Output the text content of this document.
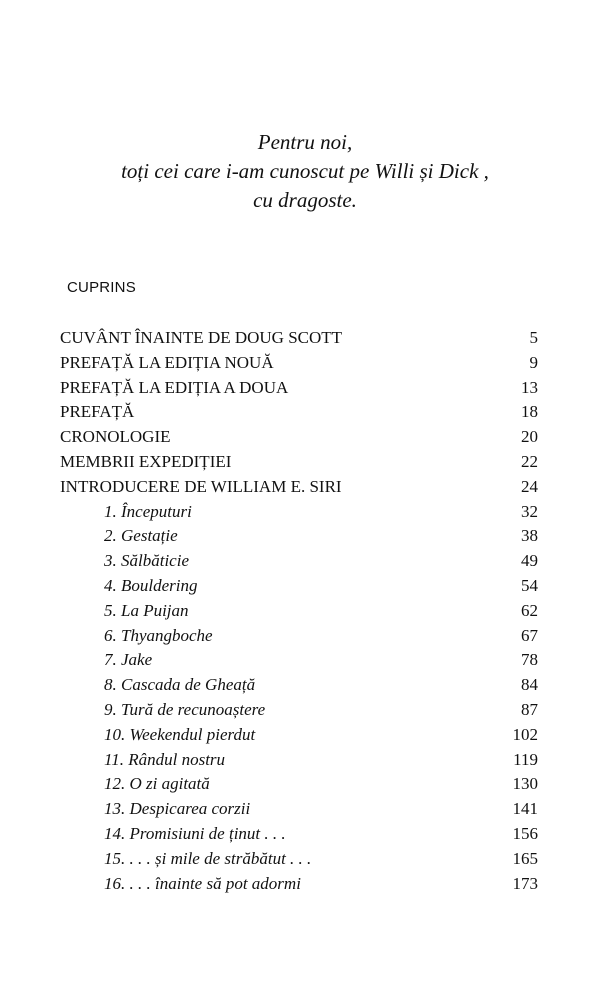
Pentru noi,
toți cei care i-am cunoscut pe Willi și Dick ,
cu dragoste.
CUPRINS
CUVÂNT ÎNAINTE DE DOUG SCOTT	5
PREFAȚĂ LA EDIȚIA NOUĂ	9
PREFAȚĂ LA EDIȚIA A DOUA	13
PREFAȚĂ	18
CRONOLOGIE	20
MEMBRII EXPEDIȚIEI	22
INTRODUCERE DE WILLIAM E. SIRI	24
1. Începuturi	32
2. Gestație	38
3. Sălbăticie	49
4. Bouldering	54
5. La Puijan	62
6. Thyangboche	67
7. Jake	78
8. Cascada de Gheață	84
9. Tură de recunoaștere	87
10. Weekendul pierdut	102
11. Rândul nostru	119
12. O zi agitată	130
13. Despicarea corzii	141
14. Promisiuni de ținut . . .	156
15. . . . și mile de străbătut . . .	165
16. . . . înainte să pot adormi	173
